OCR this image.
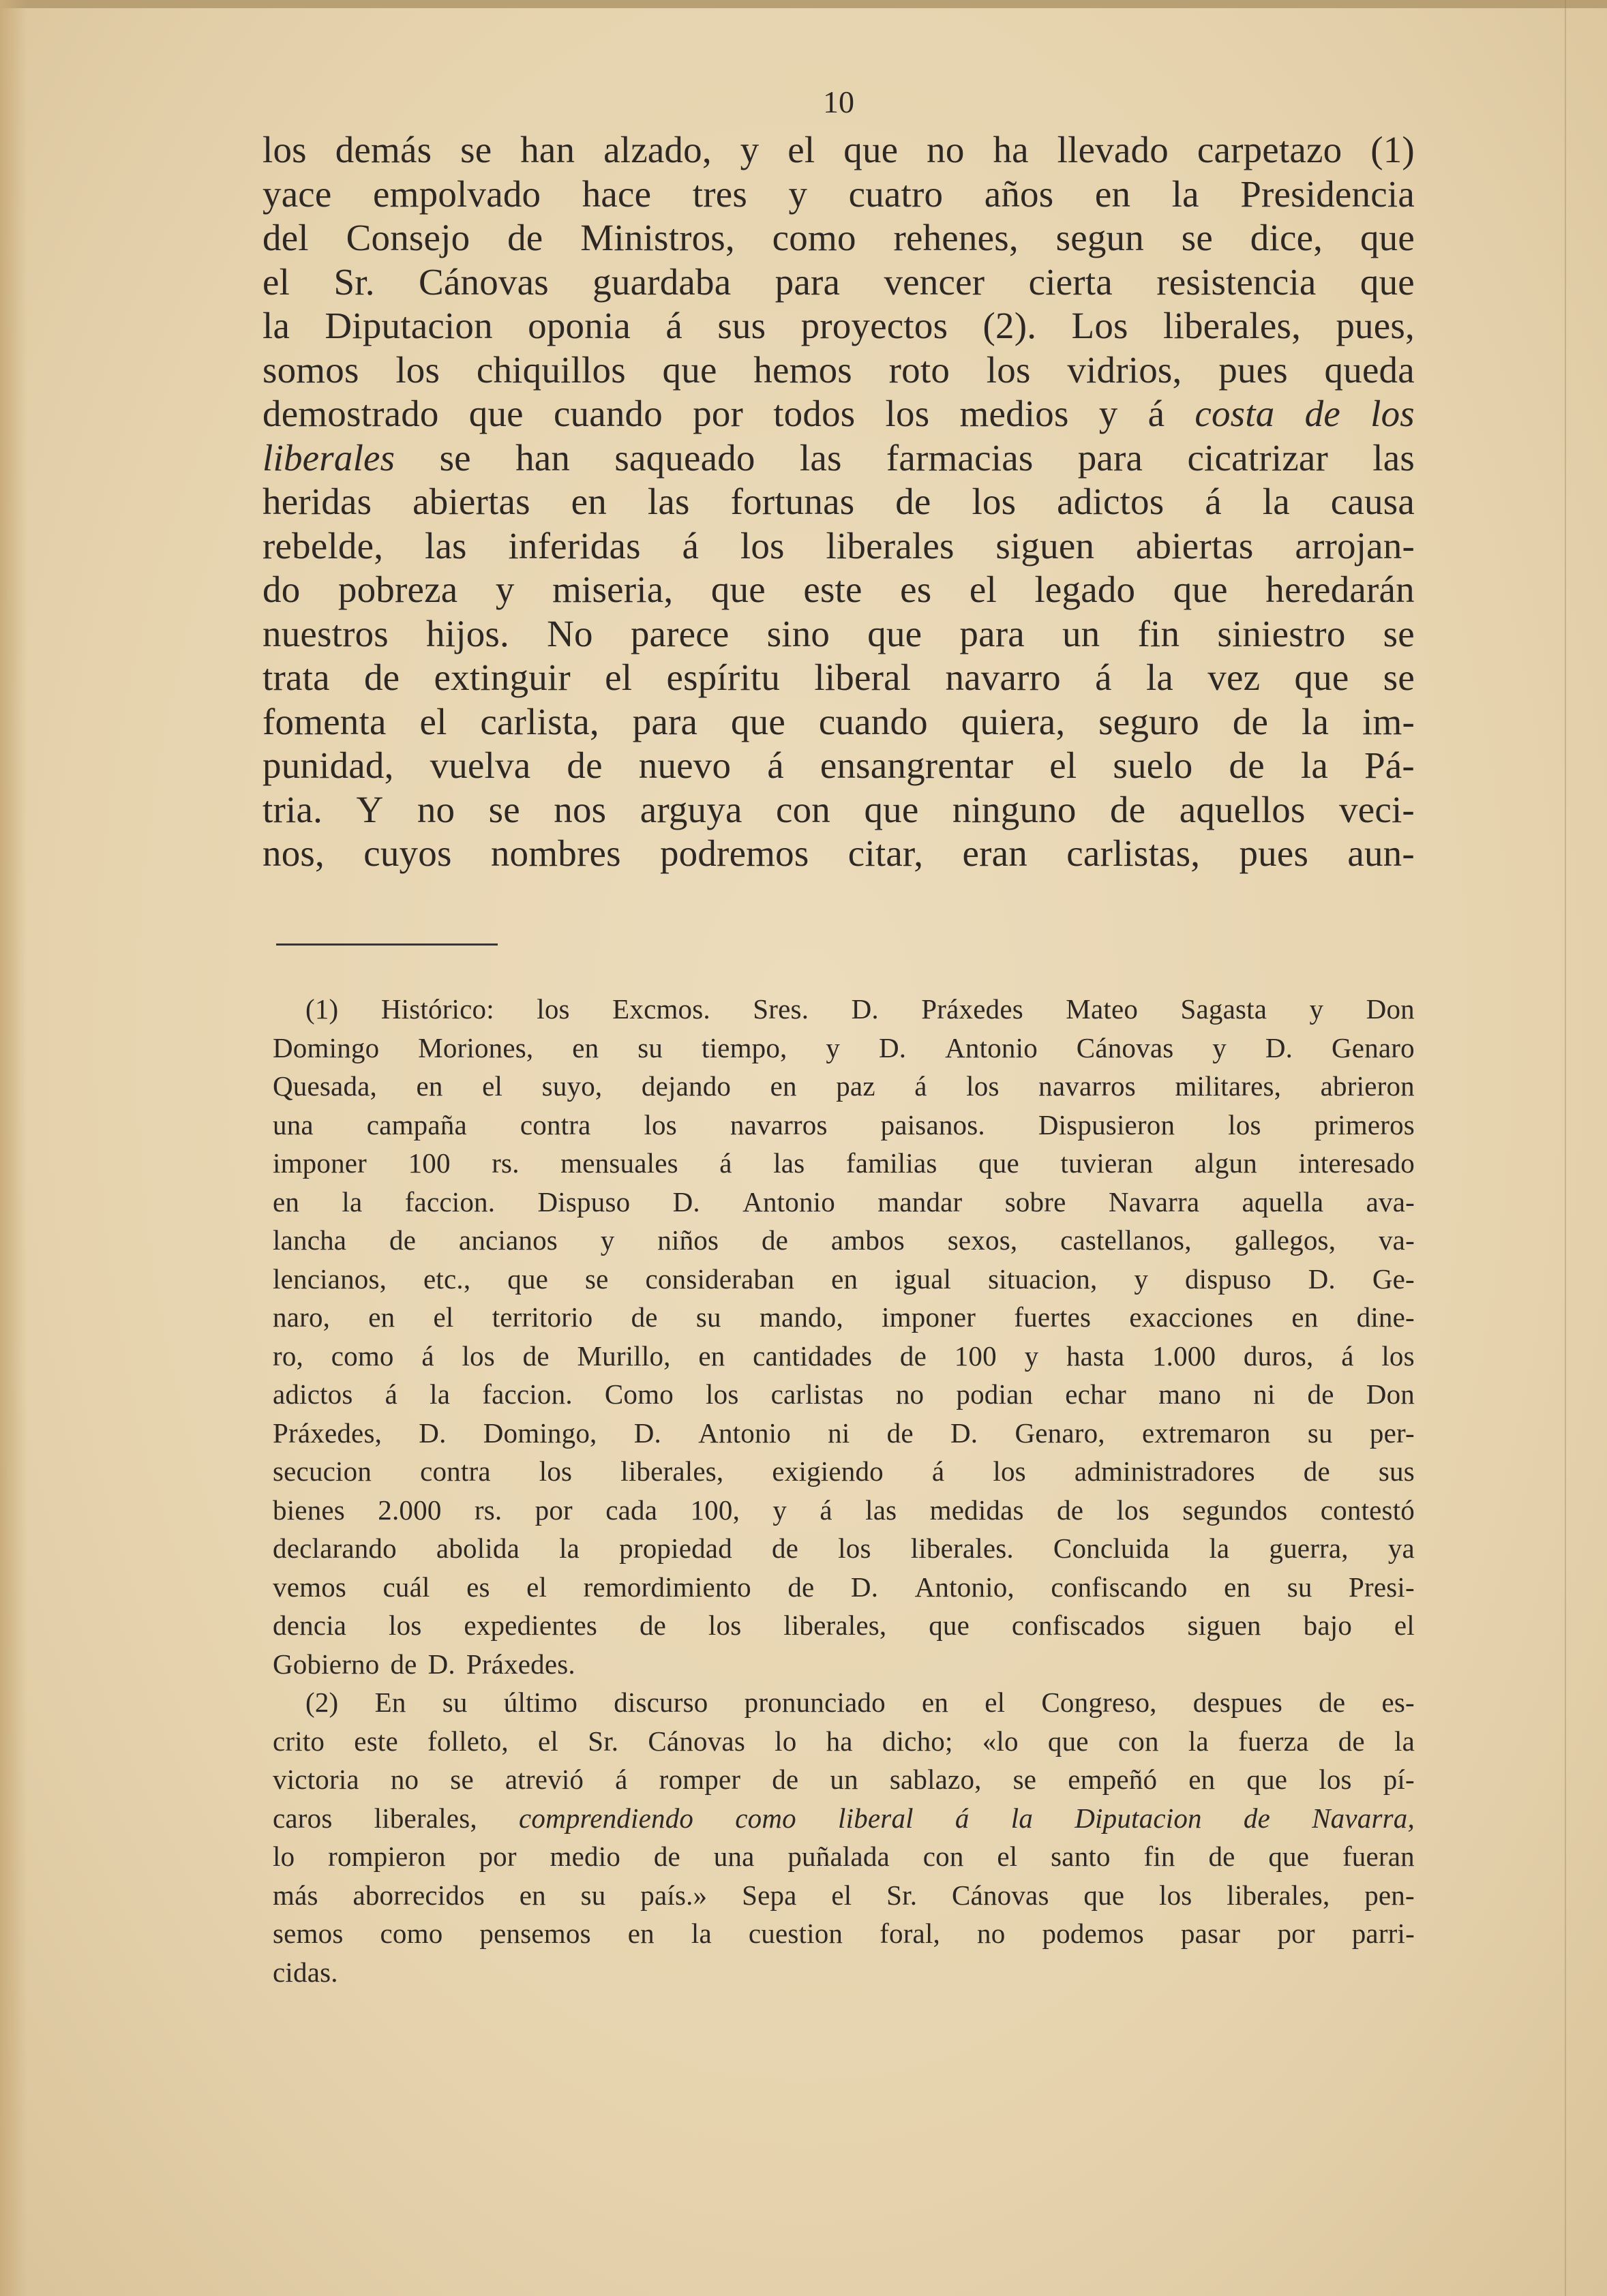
10
los demás se han alzado, y el que no ha llevado carpetazo (1)
yace empolvado hace tres y cuatro años en la Presidencia
del Consejo de Ministros, como rehenes, segun se dice, que
el Sr. Cánovas guardaba para vencer cierta resistencia que
la Diputacion oponia á sus proyectos (2). Los liberales, pues,
somos los chiquillos que hemos roto los vidrios, pues queda
demostrado que cuando por todos los medios y á costa de los
liberales se han saqueado las farmacias para cicatrizar las
heridas abiertas en las fortunas de los adictos á la causa
rebelde, las inferidas á los liberales siguen abiertas arrojan-
do pobreza y miseria, que este es el legado que heredarán
nuestros hijos. No parece sino que para un fin siniestro se
trata de extinguir el espíritu liberal navarro á la vez que se
fomenta el carlista, para que cuando quiera, seguro de la im-
punidad, vuelva de nuevo á ensangrentar el suelo de la Pá-
tria. Y no se nos arguya con que ninguno de aquellos veci-
nos, cuyos nombres podremos citar, eran carlistas, pues aun-
(1) Histórico: los Excmos. Sres. D. Práxedes Mateo Sagasta y Don
Domingo Moriones, en su tiempo, y D. Antonio Cánovas y D. Genaro
Quesada, en el suyo, dejando en paz á los navarros militares, abrieron
una campaña contra los navarros paisanos. Dispusieron los primeros
imponer 100 rs. mensuales á las familias que tuvieran algun interesado
en la faccion. Dispuso D. Antonio mandar sobre Navarra aquella ava-
lancha de ancianos y niños de ambos sexos, castellanos, gallegos, va-
lencianos, etc., que se consideraban en igual situacion, y dispuso D. Ge-
naro, en el territorio de su mando, imponer fuertes exacciones en dine-
ro, como á los de Murillo, en cantidades de 100 y hasta 1.000 duros, á los
adictos á la faccion. Como los carlistas no podian echar mano ni de Don
Práxedes, D. Domingo, D. Antonio ni de D. Genaro, extremaron su per-
secucion contra los liberales, exigiendo á los administradores de sus
bienes 2.000 rs. por cada 100, y á las medidas de los segundos contestó
declarando abolida la propiedad de los liberales. Concluida la guerra, ya
vemos cuál es el remordimiento de D. Antonio, confiscando en su Presi-
dencia los expedientes de los liberales, que confiscados siguen bajo el
Gobierno de D. Práxedes.
(2) En su último discurso pronunciado en el Congreso, despues de es-
crito este folleto, el Sr. Cánovas lo ha dicho; «lo que con la fuerza de la
victoria no se atrevió á romper de un sablazo, se empeñó en que los pí-
caros liberales, comprendiendo como liberal á la Diputacion de Navarra,
lo rompieron por medio de una puñalada con el santo fin de que fueran
más aborrecidos en su país.» Sepa el Sr. Cánovas que los liberales, pen-
semos como pensemos en la cuestion foral, no podemos pasar por parri-
cidas.
